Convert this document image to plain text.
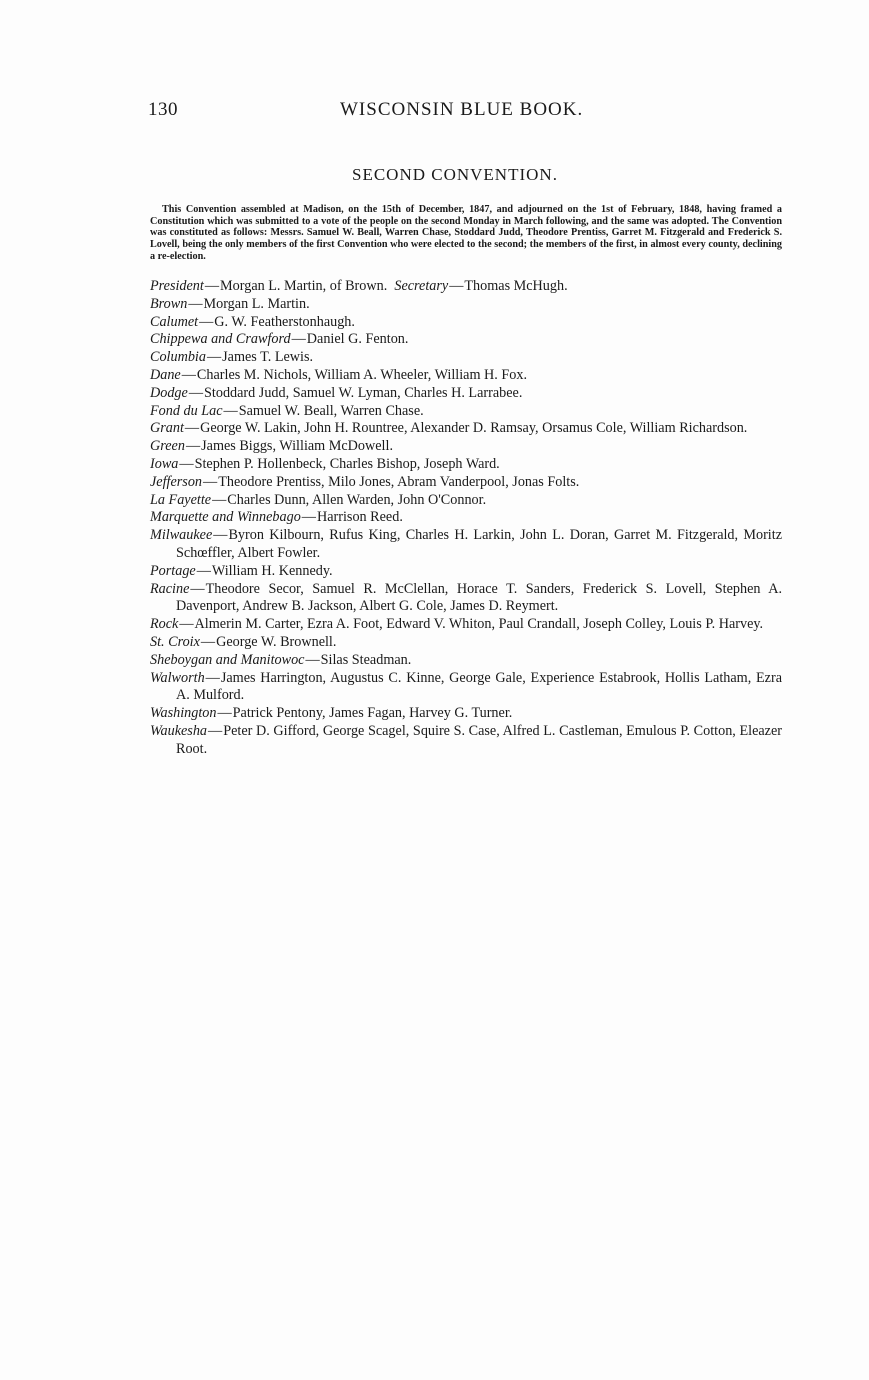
130	WISCONSIN BLUE BOOK.
SECOND CONVENTION.
This Convention assembled at Madison, on the 15th of December, 1847, and adjourned on the 1st of February, 1848, having framed a Constitution which was submitted to a vote of the people on the second Monday in March following, and the same was adopted. The Convention was constituted as follows: Messrs. Samuel W. Beall, Warren Chase, Stoddard Judd, Theodore Prentiss, Garret M. Fitzgerald and Frederick S. Lovell, being the only members of the first Convention who were elected to the second; the members of the first, in almost every county, declining a re-election.
President—Morgan L. Martin, of Brown. Secretary—Thomas McHugh.
Brown—Morgan L. Martin.
Calumet—G. W. Featherstonhaugh.
Chippewa and Crawford—Daniel G. Fenton.
Columbia—James T. Lewis.
Dane—Charles M. Nichols, William A. Wheeler, William H. Fox.
Dodge—Stoddard Judd, Samuel W. Lyman, Charles H. Larrabee.
Fond du Lac—Samuel W. Beall, Warren Chase.
Grant—George W. Lakin, John H. Rountree, Alexander D. Ramsay, Orsamus Cole, William Richardson.
Green—James Biggs, William McDowell.
Iowa—Stephen P. Hollenbeck, Charles Bishop, Joseph Ward.
Jefferson—Theodore Prentiss, Milo Jones, Abram Vanderpool, Jonas Folts.
La Fayette—Charles Dunn, Allen Warden, John O'Connor.
Marquette and Winnebago—Harrison Reed.
Milwaukee—Byron Kilbourn, Rufus King, Charles H. Larkin, John L. Doran, Garret M. Fitzgerald, Moritz Schœffler, Albert Fowler.
Portage—William H. Kennedy.
Racine—Theodore Secor, Samuel R. McClellan, Horace T. Sanders, Frederick S. Lovell, Stephen A. Davenport, Andrew B. Jackson, Albert G. Cole, James D. Reymert.
Rock—Almerin M. Carter, Ezra A. Foot, Edward V. Whiton, Paul Crandall, Joseph Colley, Louis P. Harvey.
St. Croix—George W. Brownell.
Sheboygan and Manitowoc—Silas Steadman.
Walworth—James Harrington, Augustus C. Kinne, George Gale, Experience Estabrook, Hollis Latham, Ezra A. Mulford.
Washington—Patrick Pentony, James Fagan, Harvey G. Turner.
Waukesha—Peter D. Gifford, George Scagel, Squire S. Case, Alfred L. Castleman, Emulous P. Cotton, Eleazer Root.
